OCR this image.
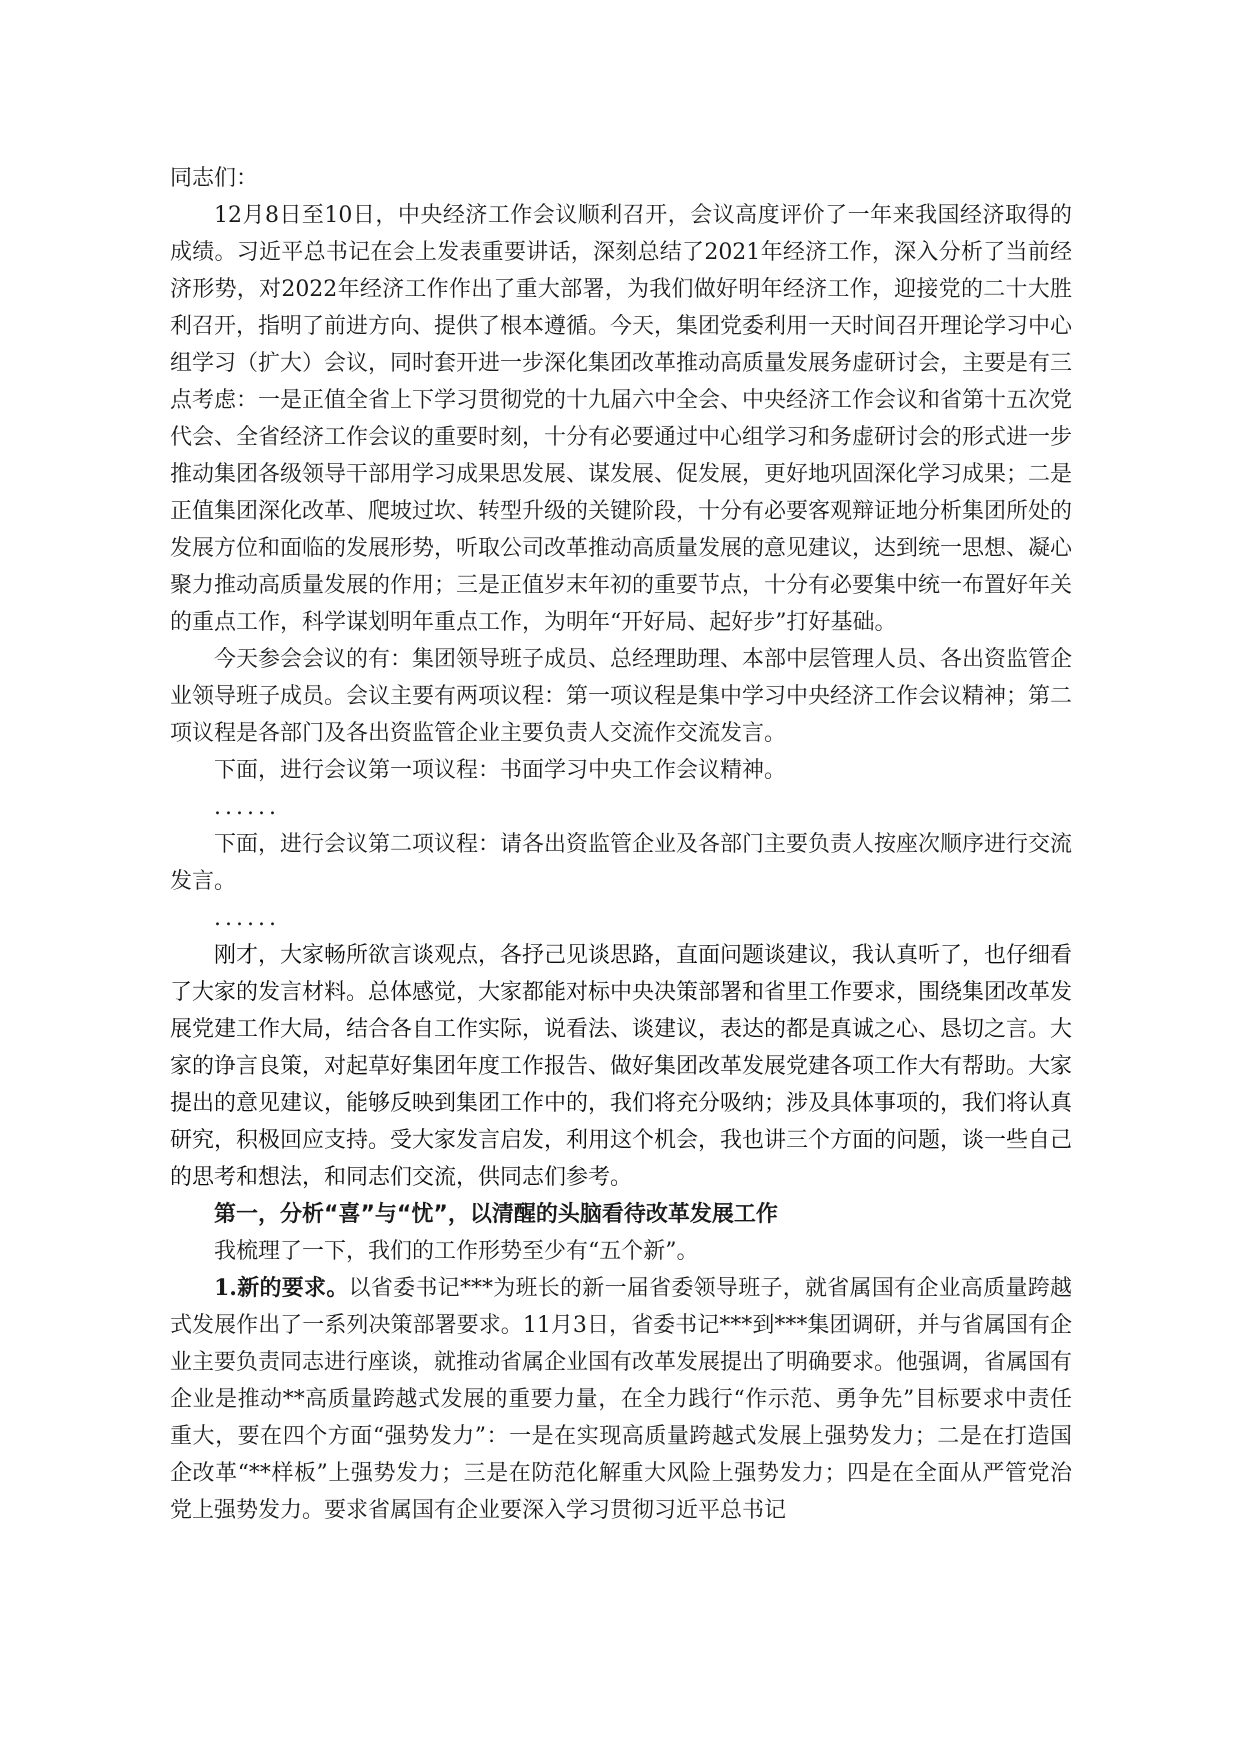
同志们：

12月8日至10日，中央经济工作会议顺利召开，会议高度评价了一年来我国经济取得的成绩。习近平总书记在会上发表重要讲话，深刻总结了2021年经济工作，深入分析了当前经济形势，对2022年经济工作作出了重大部署，为我们做好明年经济工作，迎接党的二十大胜利召开，指明了前进方向、提供了根本遵循。今天，集团党委利用一天时间召开理论学习中心组学习（扩大）会议，同时套开进一步深化集团改革推动高质量发展务虚研讨会，主要是有三点考虑：一是正值全省上下学习贯彻党的十九届六中全会、中央经济工作会议和省第十五次党代会、全省经济工作会议的重要时刻，十分有必要通过中心组学习和务虚研讨会的形式进一步推动集团各级领导干部用学习成果思发展、谋发展、促发展，更好地巩固深化学习成果；二是正值集团深化改革、爬坡过坎、转型升级的关键阶段，十分有必要客观辩证地分析集团所处的发展方位和面临的发展形势，听取公司改革推动高质量发展的意见建议，达到统一思想、凝心聚力推动高质量发展的作用；三是正值岁末年初的重要节点，十分有必要集中统一布置好年关的重点工作，科学谋划明年重点工作，为明年“开好局、起好步”打好基础。

今天参会会议的有：集团领导班子成员、总经理助理、本部中层管理人员、各出资监管企业领导班子成员。会议主要有两项议程：第一项议程是集中学习中央经济工作会议精神；第二项议程是各部门及各出资监管企业主要负责人交流作交流发言。

下面，进行会议第一项议程：书面学习中央工作会议精神。

......

下面，进行会议第二项议程：请各出资监管企业及各部门主要负责人按座次顺序进行交流发言。

......

刚才，大家畅所欲言谈观点，各抒己见谈思路，直面问题谈建议，我认真听了，也仔细看了大家的发言材料。总体感觉，大家都能对标中央决策部署和省里工作要求，围绕集团改革发展党建工作大局，结合各自工作实际，说看法、谈建议，表达的都是真诚之心、恳切之言。大家的诤言良策，对起草好集团年度工作报告、做好集团改革发展党建各项工作大有帮助。大家提出的意见建议，能够反映到集团工作中的，我们将充分吸纳；涉及具体事项的，我们将认真研究，积极回应支持。受大家发言启发，利用这个机会，我也讲三个方面的问题，谈一些自己的思考和想法，和同志们交流，供同志们参考。

第一，分析“喜”与“忧”，以清醒的头脑看待改革发展工作

我梳理了一下，我们的工作形势至少有“五个新”。

1.新的要求。以省委书记***为班长的新一届省委领导班子，就省属国有企业高质量跨越式发展作出了一系列决策部署要求。11月3日，省委书记***到***集团调研，并与省属国有企业主要负责同志进行座谈，就推动省属企业国有改革发展提出了明确要求。他强调，省属国有企业是推动**高质量跨越式发展的重要力量，在全力践行“作示范、勇争先”目标要求中责任重大，要在四个方面“强势发力”：一是在实现高质量跨越式发展上强势发力；二是在打造国企改革“**样板”上强势发力；三是在防范化解重大风险上强势发力；四是在全面从严管党治党上强势发力。要求省属国有企业要深入学习贯彻习近平总书记
